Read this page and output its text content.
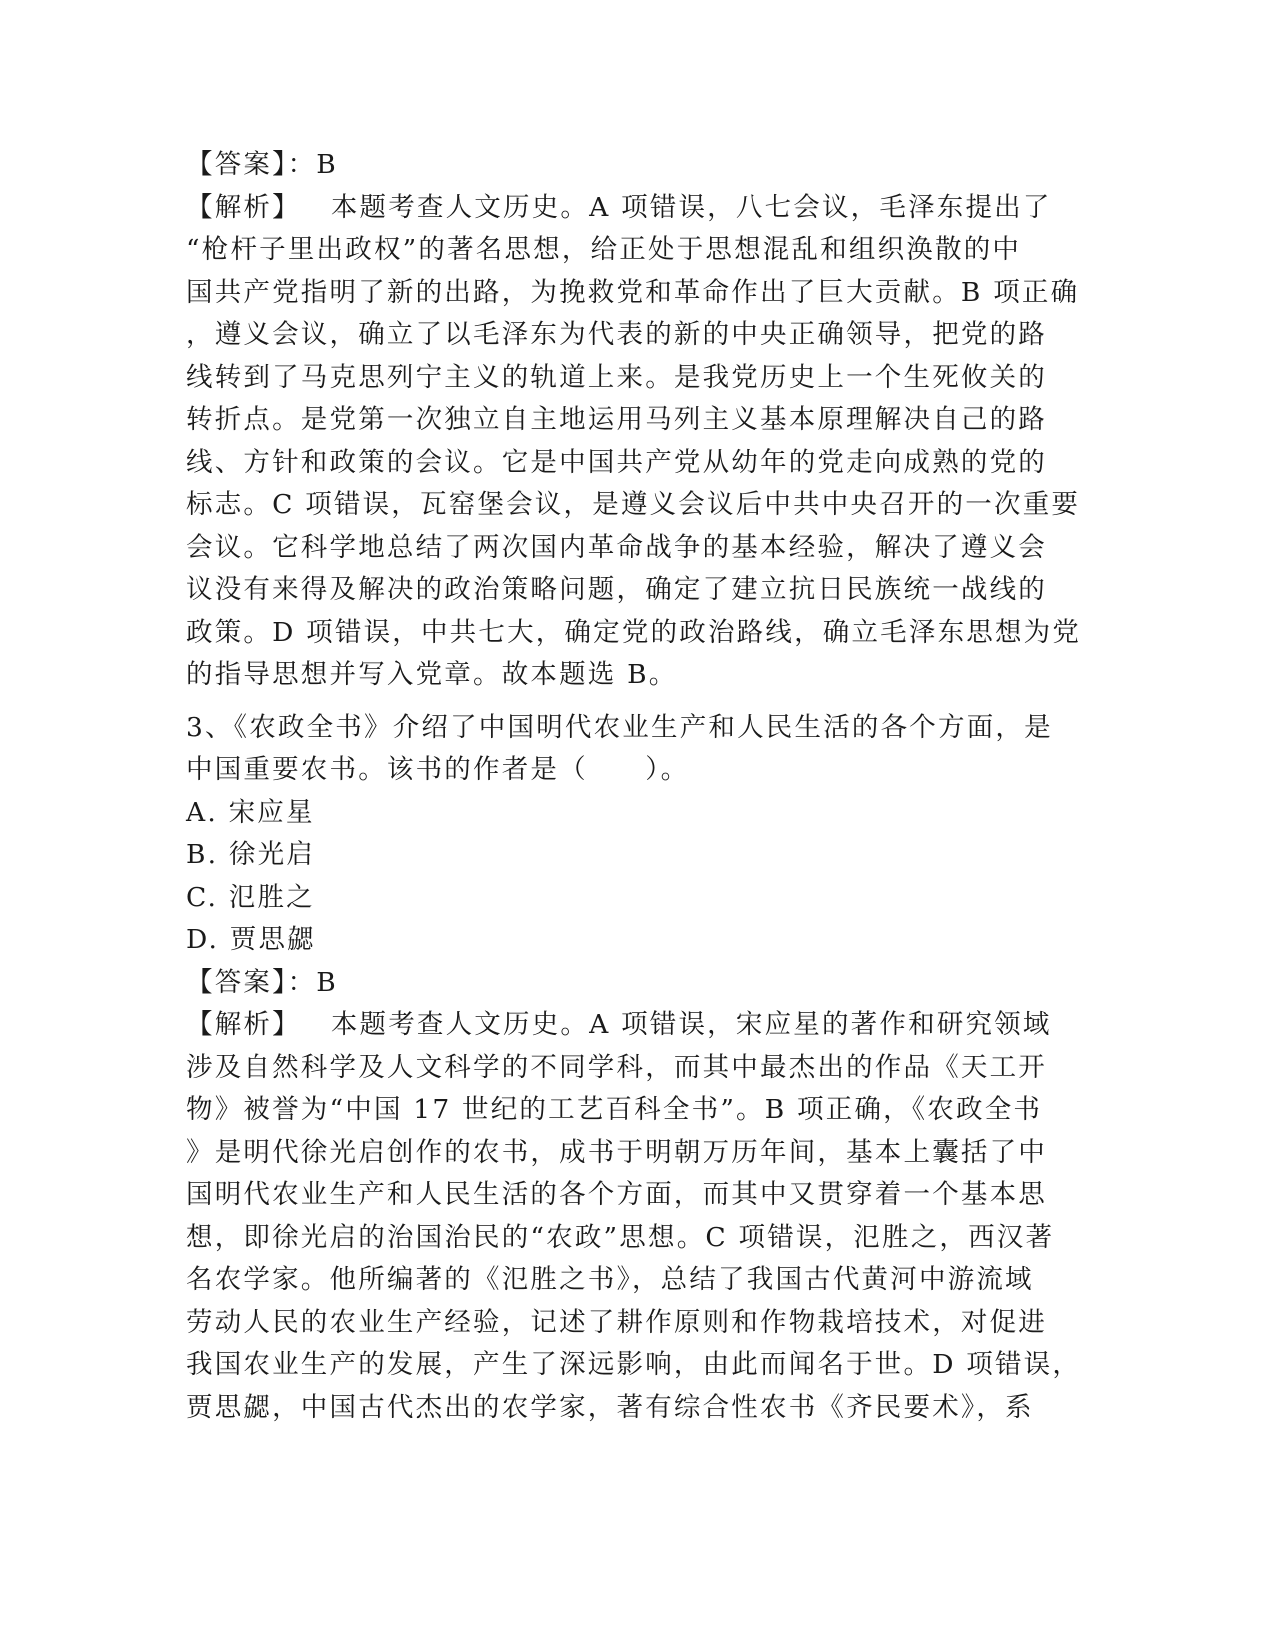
【答案】：B
【解析】 本题考查人文历史。A 项错误，八七会议，毛泽东提出了
“枪杆子里出政权”的著名思想，给正处于思想混乱和组织涣散的中
国共产党指明了新的出路，为挽救党和革命作出了巨大贡献。B 项正确
，遵义会议，确立了以毛泽东为代表的新的中央正确领导，把党的路
线转到了马克思列宁主义的轨道上来。是我党历史上一个生死攸关的
转折点。是党第一次独立自主地运用马列主义基本原理解决自己的路
线、方针和政策的会议。它是中国共产党从幼年的党走向成熟的党的
标志。C 项错误，瓦窑堡会议，是遵义会议后中共中央召开的一次重要
会议。它科学地总结了两次国内革命战争的基本经验，解决了遵义会
议没有来得及解决的政治策略问题，确定了建立抗日民族统一战线的
政策。D 项错误，中共七大，确定党的政治路线，确立毛泽东思想为党
的指导思想并写入党章。故本题选 B。
3、《农政全书》介绍了中国明代农业生产和人民生活的各个方面，是
中国重要农书。该书的作者是（　　）。
A. 宋应星
B. 徐光启
C. 氾胜之
D. 贾思勰
【答案】：B
【解析】 本题考查人文历史。A 项错误，宋应星的著作和研究领域
涉及自然科学及人文科学的不同学科，而其中最杰出的作品《天工开
物》被誉为“中国 17 世纪的工艺百科全书”。B 项正确，《农政全书
》是明代徐光启创作的农书，成书于明朝万历年间，基本上囊括了中
国明代农业生产和人民生活的各个方面，而其中又贯穿着一个基本思
想，即徐光启的治国治民的“农政”思想。C 项错误，氾胜之，西汉著
名农学家。他所编著的《氾胜之书》，总结了我国古代黄河中游流域
劳动人民的农业生产经验，记述了耕作原则和作物栽培技术，对促进
我国农业生产的发展，产生了深远影响，由此而闻名于世。D 项错误，
贾思勰，中国古代杰出的农学家，著有综合性农书《齐民要术》，系
